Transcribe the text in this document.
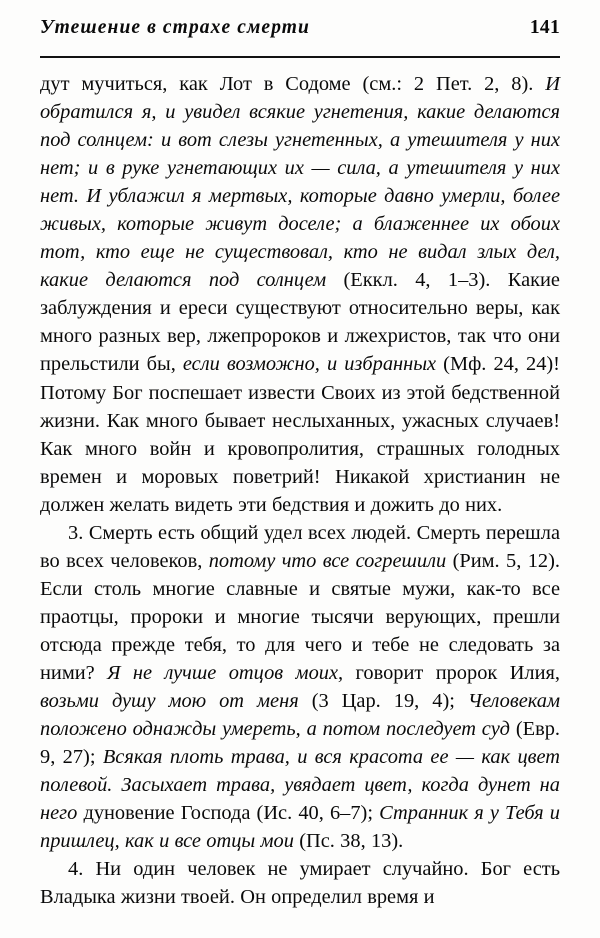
Утешение в страхе смерти	141

дут мучиться, как Лот в Содоме (см.: 2 Пет. 2, 8). И обратился я, и увидел всякие угнетения, какие делаются под солнцем: и вот слезы угнетенных, а утешителя у них нет; и в руке угнетающих их — сила, а утешителя у них нет. И ублажил я мертвых, которые давно умерли, более живых, которые живут доселе; а блаженнее их обоих тот, кто еще не существовал, кто не видал злых дел, какие делаются под солнцем (Еккл. 4, 1–3). Какие заблуждения и ереси существуют относительно веры, как много разных вер, лжепророков и лжехристов, так что они прельстили бы, если возможно, и избранных (Мф. 24, 24)! Потому Бог поспешает извести Своих из этой бедственной жизни. Как много бывает неслыханных, ужасных случаев! Как много войн и кровопролития, страшных голодных времен и моровых поветрий! Никакой христианин не должен желать видеть эти бедствия и дожить до них.

3. Смерть есть общий удел всех людей. Смерть перешла во всех человеков, потому что все согрешили (Рим. 5, 12). Если столь многие славные и святые мужи, как-то все праотцы, пророки и многие тысячи верующих, прешли отсюда прежде тебя, то для чего и тебе не следовать за ними? Я не лучше отцов моих, говорит пророк Илия, возьми душу мою от меня (3 Цар. 19, 4); Человекам положено однажды умереть, а потом последует суд (Евр. 9, 27); Всякая плоть трава, и вся красота ее — как цвет полевой. Засыхает трава, увядает цвет, когда дунет на него дуновение Господа (Ис. 40, 6–7); Странник я у Тебя и пришлец, как и все отцы мои (Пс. 38, 13).

4. Ни один человек не умирает случайно. Бог есть Владыка жизни твоей. Он определил время и
